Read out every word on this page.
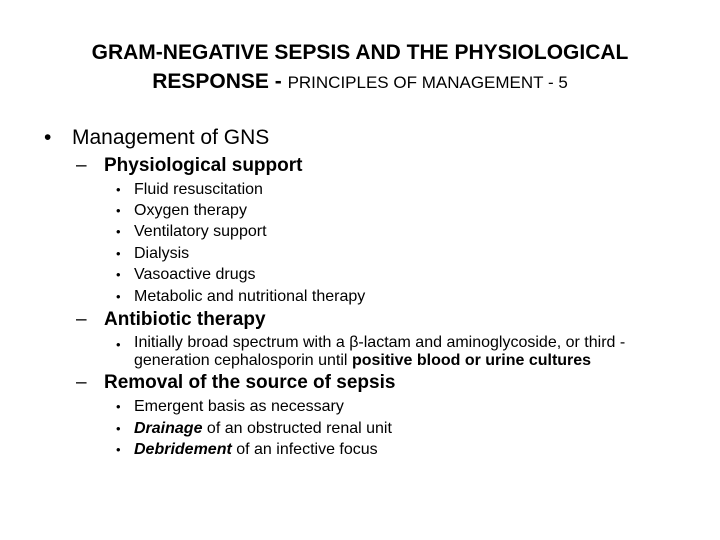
GRAM-NEGATIVE SEPSIS AND THE PHYSIOLOGICAL
RESPONSE - PRINCIPLES OF MANAGEMENT - 5
• Management of GNS
– Physiological support
• Fluid resuscitation
• Oxygen therapy
• Ventilatory support
• Dialysis
• Vasoactive drugs
• Metabolic and nutritional therapy
– Antibiotic therapy
• Initially broad spectrum with a β-lactam and aminoglycoside, or third -generation cephalosporin until positive blood or urine cultures
– Removal of the source of sepsis
• Emergent basis as necessary
• Drainage of an obstructed renal unit
• Debridement of an infective focus
